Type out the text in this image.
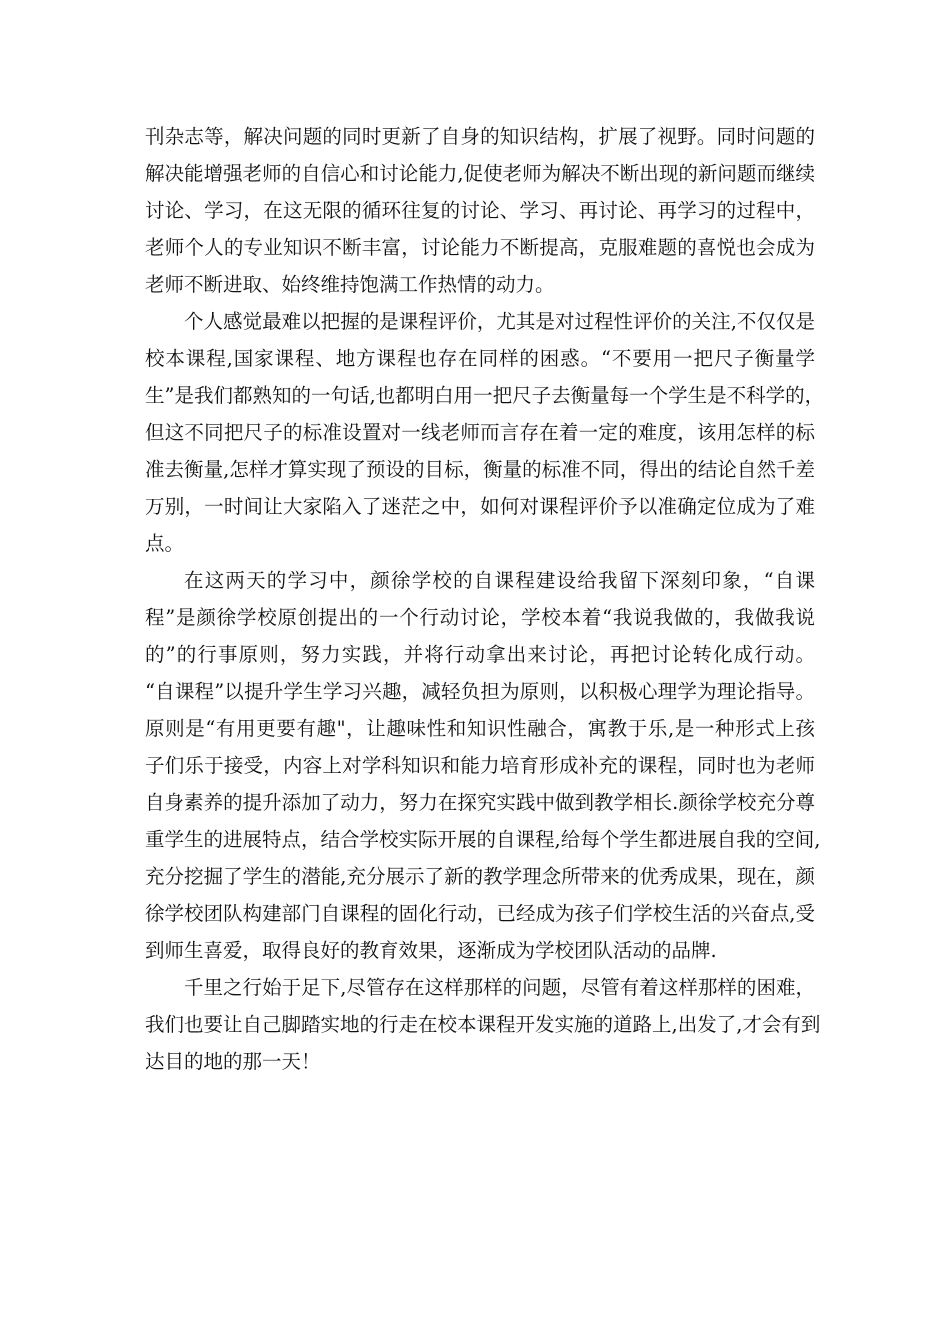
刊杂志等，解决问题的同时更新了自身的知识结构，扩展了视野。同时问题的
解决能增强老师的自信心和讨论能力,促使老师为解决不断出现的新问题而继续
讨论、学习，在这无限的循环往复的讨论、学习、再讨论、再学习的过程中，
老师个人的专业知识不断丰富，讨论能力不断提高，克服难题的喜悦也会成为
老师不断进取、始终维持饱满工作热情的动力。
个人感觉最难以把握的是课程评价，尤其是对过程性评价的关注,不仅仅是
校本课程,国家课程、地方课程也存在同样的困惑。“不要用一把尺子衡量学
生”是我们都熟知的一句话,也都明白用一把尺子去衡量每一个学生是不科学的，
但这不同把尺子的标准设置对一线老师而言存在着一定的难度，该用怎样的标
准去衡量,怎样才算实现了预设的目标，衡量的标准不同，得出的结论自然千差
万别，一时间让大家陷入了迷茫之中，如何对课程评价予以准确定位成为了难
点。
在这两天的学习中，颜徐学校的自课程建设给我留下深刻印象，“自课
程”是颜徐学校原创提出的一个行动讨论，学校本着“我说我做的，我做我说
的”的行事原则，努力实践，并将行动拿出来讨论，再把讨论转化成行动。
“自课程”以提升学生学习兴趣，减轻负担为原则，以积极心理学为理论指导。
原则是“有用更要有趣"，让趣味性和知识性融合，寓教于乐,是一种形式上孩
子们乐于接受，内容上对学科知识和能力培育形成补充的课程，同时也为老师
自身素养的提升添加了动力，努力在探究实践中做到教学相长.颜徐学校充分尊
重学生的进展特点，结合学校实际开展的自课程,给每个学生都进展自我的空间,
充分挖掘了学生的潜能,充分展示了新的教学理念所带来的优秀成果，现在，颜
徐学校团队构建部门自课程的固化行动，已经成为孩子们学校生活的兴奋点,受
到师生喜爱，取得良好的教育效果，逐渐成为学校团队活动的品牌.
千里之行始于足下,尽管存在这样那样的问题，尽管有着这样那样的困难，
我们也要让自己脚踏实地的行走在校本课程开发实施的道路上,出发了,才会有到
达目的地的那一天！
